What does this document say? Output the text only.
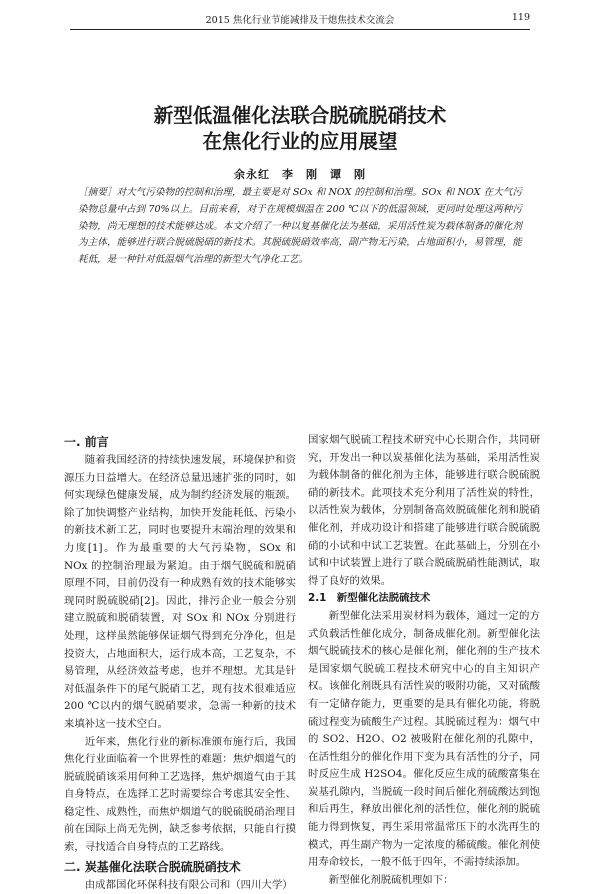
2015 焦化行业节能减排及干熄焦技术交流会	119
新型低温催化法联合脱硫脱硝技术
在焦化行业的应用展望
余永红　李　刚　谭　刚
［摘要］对大气污染物的控制和治理，最主要是对 SOx 和 NOX 的控制和治理。SOx 和 NOX 在大气污染物总量中占到 70%以上。目前来看，对于在规模烟温在 200 ℃以下的低温领域，更同时处理这两种污染物，尚无理想的技术能够达成。本文介绍了一种以复基催化法为基础，采用活性炭为载体制备的催化剂为主体，能够进行联合脱硫脱硝的新技术。其脱硫脱硝效率高，副产物无污染，占地面积小，易管理，能耗低，是一种针对低温烟气治理的新型大气净化工艺。
一. 前言

随着我国经济的持续快速发展，环境保护和资源压力日益增大。在经济总量迅速扩张的同时，如何实现绿色健康发展，成为制约经济发展的瓶颈。除了加快调整产业结构，加快开发能耗低、污染小的新技术新工艺，同时也要提升末端治理的效果和力度[1]。作为最重要的大气污染物，SOx 和 NOx 的控制治理最为紧迫。由于烟气脱硫和脱硝原理不同，目前仍没有一种成熟有效的技术能够实现同时脱硫脱硝[2]。因此，排污企业一般会分别建立脱硫和脱硝装置，对 SOx 和 NOx 分别进行处理，这样虽然能够保证烟气得到充分净化，但是投资大，占地面积大，运行成本高，工艺复杂，不易管理，从经济效益考虑，也并不理想。尤其是针对低温条件下的尾气脱硝工艺，现有技术很难适应 200 ℃以内的烟气脱硝要求，急需一种新的技术来填补这一技术空白。

近年来，焦化行业的新标准颁布施行后，我国焦化行业面临着一个世界性的难题：焦炉烟道气的脱硫脱硝该采用何种工艺选择，焦炉烟道气由于其自身特点，在选择工艺时需要综合考虑其安全性、稳定性、成熟性，而焦炉烟道气的脱硫脱硝治理目前在国际上尚无先例，缺乏参考依据，只能自行摸索，寻找适合自身特点的工艺路线。

二. 炭基催化法联合脱硫脱硝技术

由成都国化环保科技有限公司和（四川大学）

国家烟气脱硫工程技术研究中心长期合作，共同研究，开发出一种以炭基催化法为基础，采用活性炭为载体制备的催化剂为主体，能够进行联合脱硫脱硝的新技术。此项技术充分利用了活性炭的特性，以活性炭为载体，分别制备高效脱硫催化剂和脱硝催化剂，并成功设计和搭建了能够进行联合脱硫脱硝的小试和中试工艺装置。在此基础上，分别在小试和中试装置上进行了联合脱硫脱硝性能测试，取得了良好的效果。

2.1　新型催化法脱硫技术

新型催化法采用炭材料为载体，通过一定的方式负载活性催化成分，制备成催化剂。新型催化法烟气脱硫技术的核心是催化剂，催化剂的生产技术是国家烟气脱硫工程技术研究中心的自主知识产权。该催化剂既具有活性炭的吸附功能，又对硫酸有一定储存能力，更重要的是具有催化功能，将脱硫过程变为硫酸生产过程。其脱硫过程为：烟气中的 SO2、H2O、O2 被吸附在催化剂的孔隙中，在活性组分的催化作用下变为具有活性的分子，同时反应生成 H2SO4。催化反应生成的硫酸富集在炭基孔隙内，当脱硫一段时间后催化剂硫酸达到饱和后再生，释放出催化剂的活性位，催化剂的脱硫能力得到恢复，再生采用常温常压下的水洗再生的模式，再生副产物为一定浓度的稀硫酸。催化剂使用寿命较长，一般不低于四年，不需持续添加。

新型催化剂脱硫机理如下：
